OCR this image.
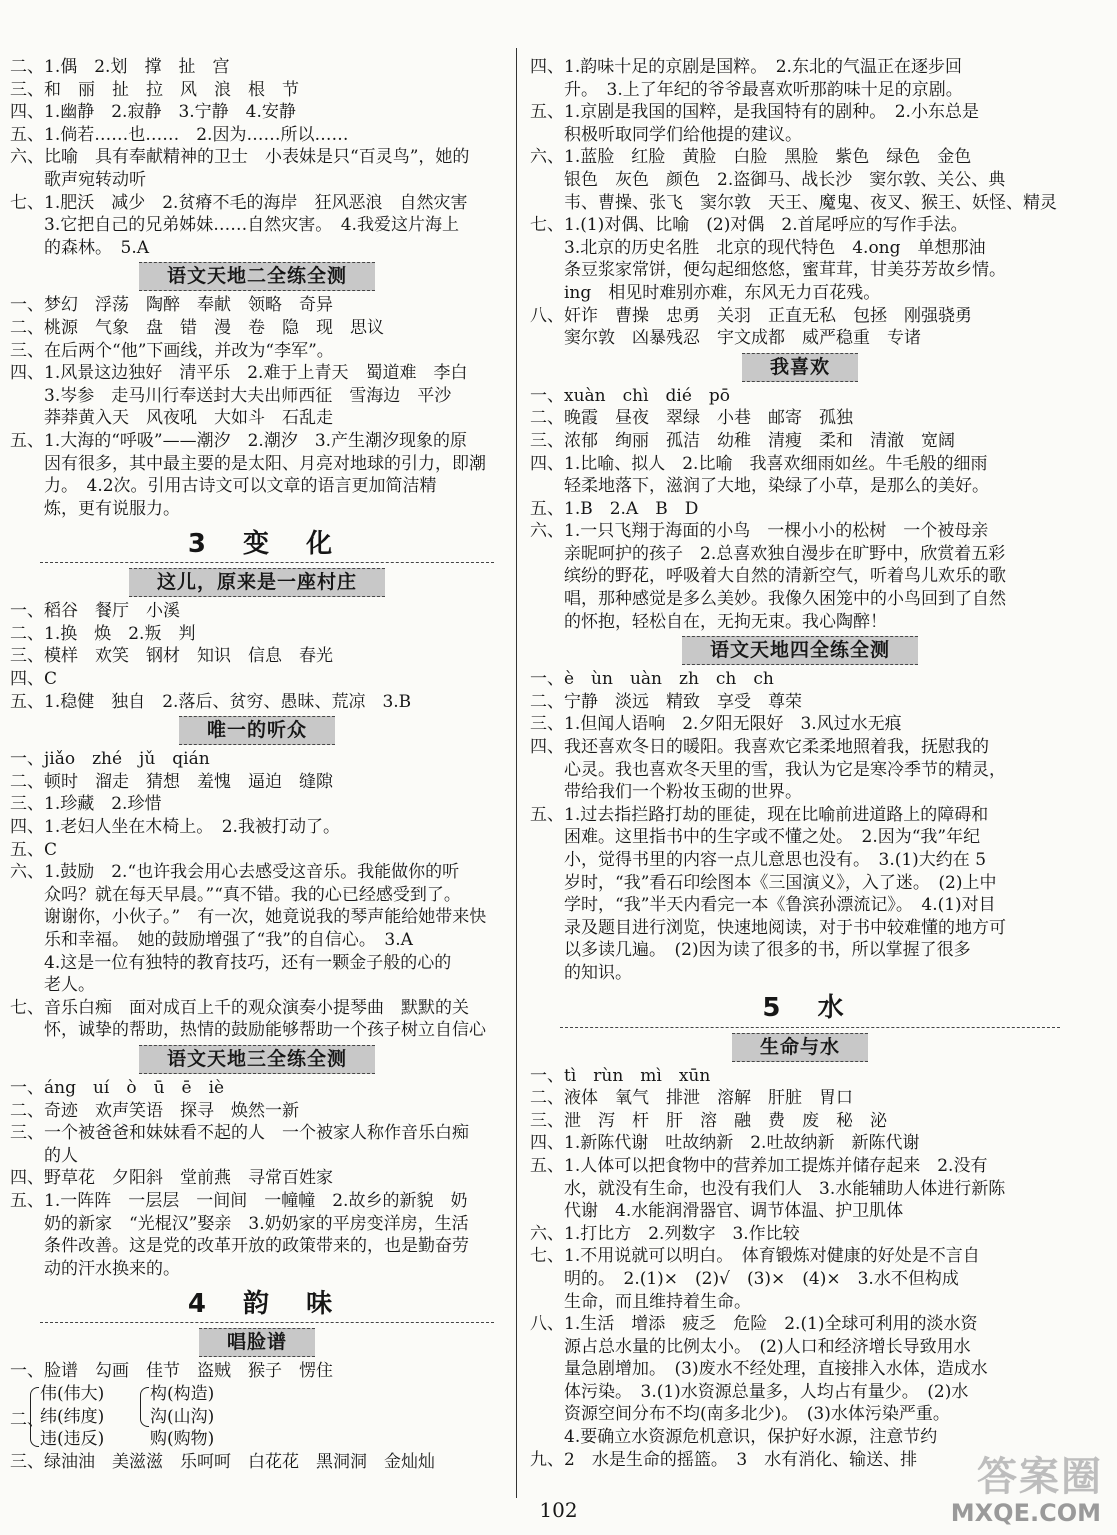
二、1.偶　2.划　撑　扯　宫
三、和　丽　扯　拉　风　浪　根　节
四、1.幽静　2.寂静　3.宁静　4.安静
五、1.倘若……也……　2.因为……所以……
六、比喻　具有奉献精神的卫士　小表妹是只“百灵鸟”，她的
歌声宛转动听
七、1.肥沃　减少　2.贫瘠不毛的海岸　狂风恶浪　自然灾害
3.它把自己的兄弟姊妹……自然灾害。　4.我爱这片海上
的森林。　5.A
语文天地二全练全测
一、梦幻　浮荡　陶醉　奉献　领略　奇异
二、桃源　气象　盘　错　漫　卷　隐　现　思议
三、在后两个“他”下画线，并改为“李军”。
四、1.风景这边独好　清平乐　2.难于上青天　蜀道难　李白
3.岑参　走马川行奉送封大夫出师西征　雪海边　平沙
莽莽黄入天　风夜吼　大如斗　石乱走
五、1.大海的“呼吸”——潮汐　2.潮汐　3.产生潮汐现象的原
因有很多，其中最主要的是太阳、月亮对地球的引力，即潮
力。　4.2次。引用古诗文可以文章的语言更加简洁精
炼，更有说服力。
3 变 化
这儿，原来是一座村庄
一、稻谷　餐厅　小溪
二、1.换　焕　2.叛　判
三、模样　欢笑　钢材　知识　信息　春光
四、C
五、1.稳健　独自　2.落后、贫穷、愚昧、荒凉　3.B
唯一的听众
一、jiǎo　zhé　jǔ　qián
二、顿时　溜走　猜想　羞愧　逼迫　缝隙
三、1.珍藏　2.珍惜
四、1.老妇人坐在木椅上。　2.我被打动了。
五、C
六、1.鼓励　2.“也许我会用心去感受这音乐。我能做你的听
众吗？就在每天早晨。”“真不错。我的心已经感受到了。
谢谢你，小伙子。”　有一次，她竟说我的琴声能给她带来快
乐和幸福。　她的鼓励增强了“我”的自信心。　3.A
4.这是一位有独特的教育技巧，还有一颗金子般的心的
老人。
七、音乐白痴　面对成百上千的观众演奏小提琴曲　默默的关
怀，诚挚的帮助，热情的鼓励能够帮助一个孩子树立自信心
语文天地三全练全测
一、áng　uí　ò　ū　ē　iè
二、奇迹　欢声笑语　探寻　焕然一新
三、一个被爸爸和妹妹看不起的人　一个被家人称作音乐白痴
的人
四、野草花　夕阳斜　堂前燕　寻常百姓家
五、1.一阵阵　一层层　一间间　一幢幢　2.故乡的新貌　奶
奶的新家　“光棍汉”娶亲　3.奶奶家的平房变洋房，生活
条件改善。这是党的改革开放的政策带来的，也是勤奋劳
动的汗水换来的。
4 韵 味
唱脸谱
一、脸谱　勾画　佳节　盗贼　猴子　愣住
二、
伟(伟大)
纬(纬度)
违(违反)
构(构造)
沟(山沟)
购(购物)
三、绿油油　美滋滋　乐呵呵　白花花　黑洞洞　金灿灿
四、1.韵味十足的京剧是国粹。　2.东北的气温正在逐步回
升。　3.上了年纪的爷爷最喜欢听那韵味十足的京剧。
五、1.京剧是我国的国粹，是我国特有的剧种。　2.小东总是
积极听取同学们给他提的建议。
六、1.蓝脸　红脸　黄脸　白脸　黑脸　紫色　绿色　金色
银色　灰色　颜色　2.盗御马、战长沙　窦尔敦、关公、典
韦、曹操、张飞　窦尔敦　天王、魔鬼、夜叉、猴王、妖怪、精灵
七、1.(1)对偶、比喻　(2)对偶　2.首尾呼应的写作手法。
3.北京的历史名胜　北京的现代特色　4.ong　单想那油
条豆浆家常饼，便勾起细悠悠，蜜茸茸，甘美芬芳故乡情。
ing　相见时难别亦难，东风无力百花残。
八、奸诈　曹操　忠勇　关羽　正直无私　包拯　刚强骁勇
窦尔敦　凶暴残忍　宇文成都　威严稳重　专诸
我喜欢
一、xuàn　chì　dié　pō
二、晚霞　昼夜　翠绿　小巷　邮寄　孤独
三、浓郁　绚丽　孤洁　幼稚　清瘦　柔和　清澈　宽阔
四、1.比喻、拟人　2.比喻　我喜欢细雨如丝。牛毛般的细雨
轻柔地落下，滋润了大地，染绿了小草，是那么的美好。
五、1.B　2.A　B　D
六、1.一只飞翔于海面的小鸟　一棵小小的松树　一个被母亲
亲昵呵护的孩子　2.总喜欢独自漫步在旷野中，欣赏着五彩
缤纷的野花，呼吸着大自然的清新空气，听着鸟儿欢乐的歌
唱，那种感觉是多么美妙。我像久困笼中的小鸟回到了自然
的怀抱，轻松自在，无拘无束。我心陶醉！
语文天地四全练全测
一、è　ùn　uàn　zh　ch　ch
二、宁静　淡远　精致　享受　尊荣
三、1.但闻人语响　2.夕阳无限好　3.风过水无痕
四、我还喜欢冬日的暖阳。我喜欢它柔柔地照着我，抚慰我的
心灵。我也喜欢冬天里的雪，我认为它是寒冷季节的精灵，
带给我们一个粉妆玉砌的世界。
五、1.过去指拦路打劫的匪徒，现在比喻前进道路上的障碍和
困难。这里指书中的生字或不懂之处。　2.因为“我”年纪
小，觉得书里的内容一点儿意思也没有。　3.(1)大约在 5
岁时，“我”看石印绘图本《三国演义》，入了迷。　(2)上中
学时，“我”半天内看完一本《鲁滨孙漂流记》。　4.(1)对目
录及题目进行浏览，快速地阅读，对于书中较难懂的地方可
以多读几遍。　(2)因为读了很多的书，所以掌握了很多
的知识。
5 水
生命与水
一、tì　rùn　mì　xūn
二、液体　氧气　排泄　溶解　肝脏　胃口
三、泄　泻　杆　肝　溶　融　费　废　秘　泌
四、1.新陈代谢　吐故纳新　2.吐故纳新　新陈代谢
五、1.人体可以把食物中的营养加工提炼并储存起来　2.没有
水，就没有生命，也没有我们人　3.水能辅助人体进行新陈
代谢　4.水能润滑器官、调节体温、护卫肌体
六、1.打比方　2.列数字　3.作比较
七、1.不用说就可以明白。　体育锻炼对健康的好处是不言自
明的。　2.(1)×　(2)√　(3)×　(4)×　3.水不但构成
生命，而且维持着生命。
八、1.生活　增添　疲乏　危险　2.(1)全球可利用的淡水资
源占总水量的比例太小。　(2)人口和经济增长导致用水
量急剧增加。　(3)废水不经处理，直接排入水体，造成水
体污染。　3.(1)水资源总量多，人均占有量少。　(2)水
资源空间分布不均(南多北少)。　(3)水体污染严重。
4.要确立水资源危机意识，保护好水源，注意节约
九、2　水是生命的摇篮。　3　水有消化、输送、排
102
答案圈
MXQE.COM
